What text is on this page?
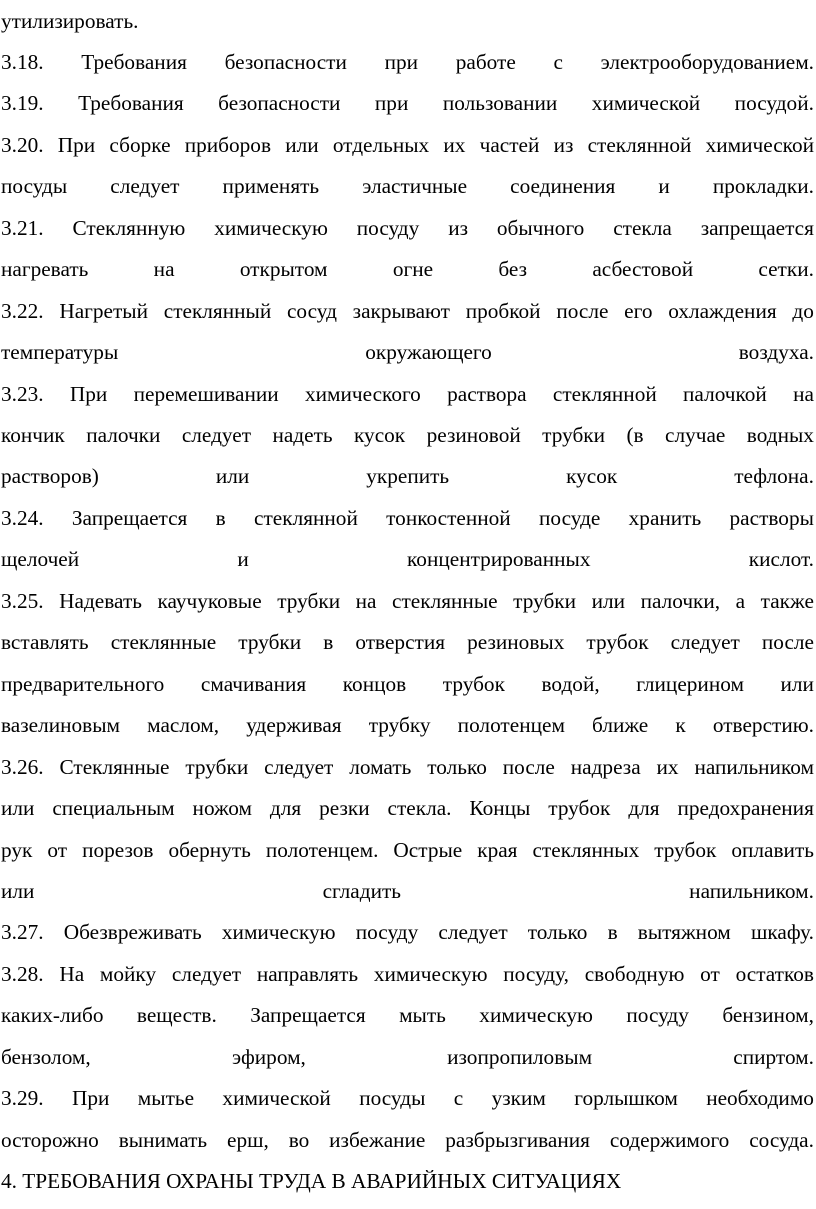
утилизировать.
3.18. Требования безопасности при работе с электрооборудованием.
3.19. Требования безопасности при пользовании химической посудой.
3.20. При сборке приборов или отдельных их частей из стеклянной химической
посуды следует применять эластичные соединения и прокладки.
3.21. Стеклянную химическую посуду из обычного стекла запрещается
нагревать	на	открытом	огне	без	асбестовой	сетки.
3.22. Нагретый стеклянный сосуд закрывают пробкой после его охлаждения до
температуры	окружающего	воздуха.
3.23. При перемешивании химического раствора стеклянной палочкой на
кончик палочки следует надеть кусок резиновой трубки (в случае водных
растворов)	или	укрепить	кусок	тефлона.
3.24. Запрещается в стеклянной тонкостенной посуде хранить растворы
щелочей	и	концентрированных	кислот.
3.25. Надевать каучуковые трубки на стеклянные трубки или палочки, а также
вставлять стеклянные трубки в отверстия резиновых трубок следует после
предварительного смачивания концов трубок водой, глицерином или
вазелиновым маслом, удерживая трубку полотенцем ближе к отверстию.
3.26. Стеклянные трубки следует ломать только после надреза их напильником
или специальным ножом для резки стекла. Концы трубок для предохранения
рук от порезов обернуть полотенцем. Острые края стеклянных трубок оплавить
или	сгладить	напильником.
3.27. Обезвреживать химическую посуду следует только в вытяжном шкафу.
3.28. На мойку следует направлять химическую посуду, свободную от остатков
каких-либо веществ. Запрещается мыть химическую посуду бензином,
бензолом,	эфиром,	изопропиловым	спиртом.
3.29. При мытье химической посуды с узким горлышком необходимо
осторожно вынимать ерш, во избежание разбрызгивания содержимого сосуда.
4. ТРЕБОВАНИЯ ОХРАНЫ ТРУДА В АВАРИЙНЫХ СИТУАЦИЯХ
